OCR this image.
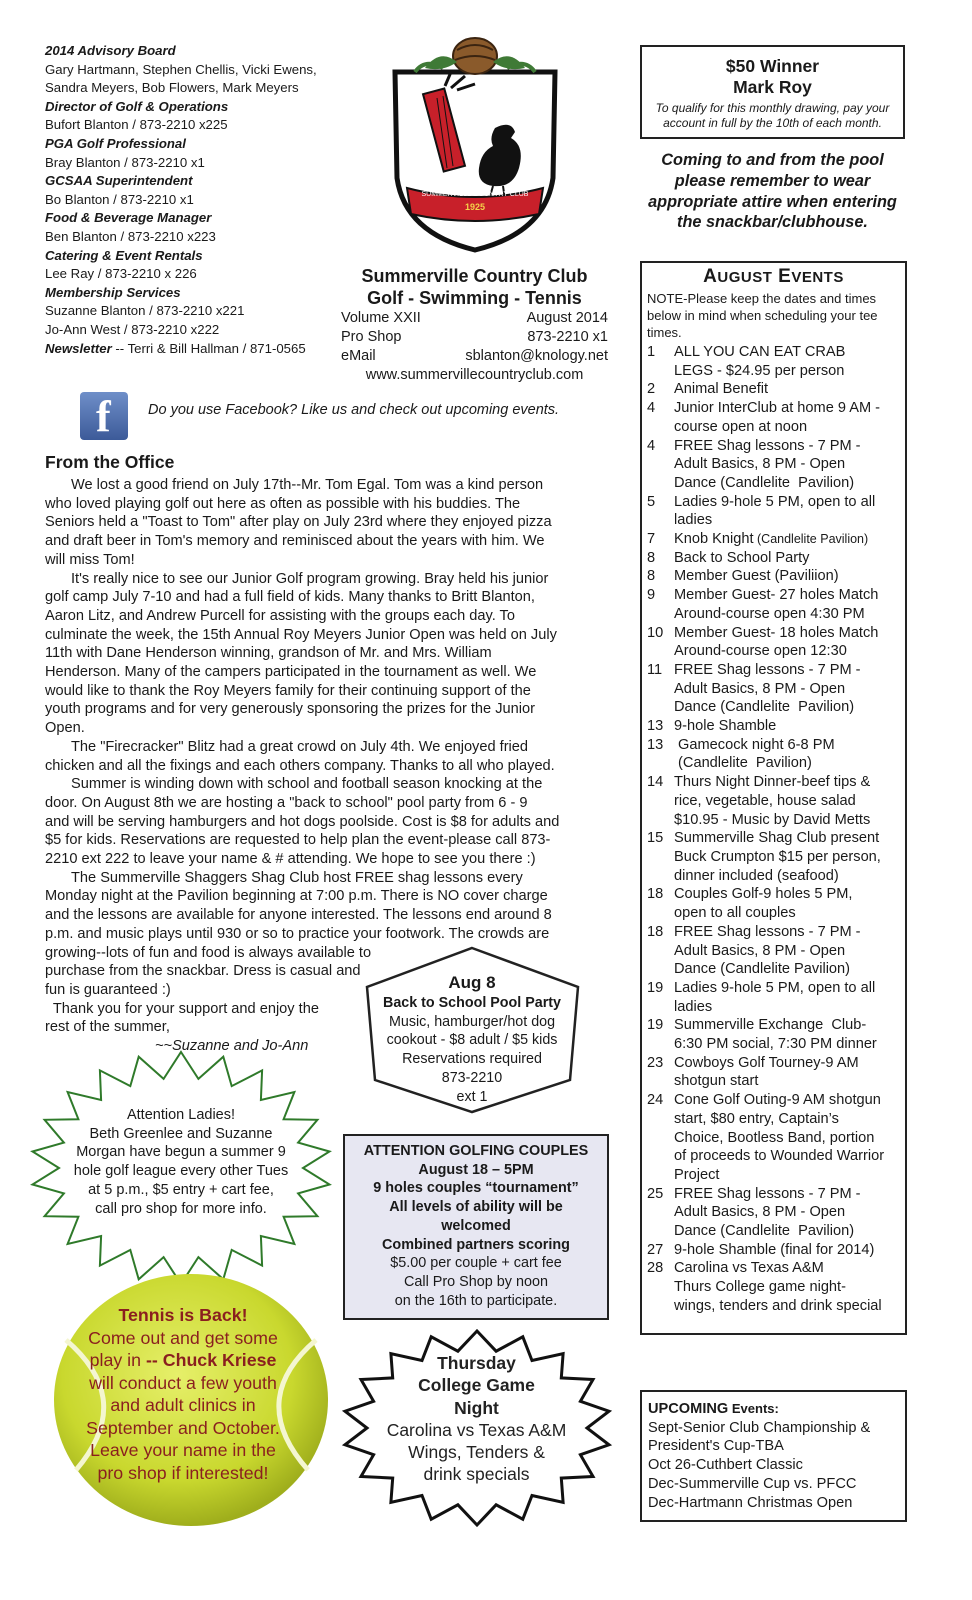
2014 Advisory Board
Gary Hartmann, Stephen Chellis, Vicki Ewens,
Sandra Meyers, Bob Flowers, Mark Meyers
Director of Golf & Operations
Bufort Blanton / 873-2210 x225
PGA Golf Professional
Bray Blanton / 873-2210 x1
GCSAA Superintendent
Bo Blanton / 873-2210 x1
Food & Beverage Manager
Ben Blanton / 873-2210 x223
Catering & Event Rentals
Lee Ray / 873-2210 x 226
Membership Services
Suzanne Blanton / 873-2210 x221
Jo-Ann West / 873-2210 x222
Newsletter -- Terri & Bill Hallman / 871-0565
SUMMERVILLE COUNTRY CLUB
1925
Summerville Country Club
Golf - Swimming - Tennis
Volume XXII	August 2014
Pro Shop	873-2210 x1
eMail	sblanton@knology.net
www.summervillecountryclub.com
f	Do you use Facebook? Like us and check out upcoming events.
From the Office
We lost a good friend on July 17th--Mr. Tom Egal. Tom was a kind person
who loved playing golf out here as often as possible with his buddies. The
Seniors held a "Toast to Tom" after play on July 23rd where they enjoyed pizza
and draft beer in Tom's memory and reminisced about the years with him. We
will miss Tom!
It's really nice to see our Junior Golf program growing. Bray held his junior
golf camp July 7-10 and had a full field of kids. Many thanks to Britt Blanton,
Aaron Litz, and Andrew Purcell for assisting with the groups each day. To
culminate the week, the 15th Annual Roy Meyers Junior Open was held on July
11th with Dane Henderson winning, grandson of Mr. and Mrs. William
Henderson. Many of the campers participated in the tournament as well. We
would like to thank the Roy Meyers family for their continuing support of the
youth programs and for very generously sponsoring the prizes for the Junior
Open.
The "Firecracker" Blitz had a great crowd on July 4th. We enjoyed fried
chicken and all the fixings and each others company. Thanks to all who played.
Summer is winding down with school and football season knocking at the
door. On August 8th we are hosting a "back to school" pool party from 6 - 9
and will be serving hamburgers and hot dogs poolside. Cost is $8 for adults and
$5 for kids. Reservations are requested to help plan the event-please call 873-
2210 ext 222 to leave your name & # attending. We hope to see you there :)
The Summerville Shaggers Shag Club host FREE shag lessons every
Monday night at the Pavilion beginning at 7:00 p.m. There is NO cover charge
and the lessons are available for anyone interested. The lessons end around 8
p.m. and music plays until 930 or so to practice your footwork. The crowds are
growing--lots of fun and food is always available to
purchase from the snackbar. Dress is casual and
fun is guaranteed :)
Thank you for your support and enjoy the
rest of the summer,
~~Suzanne and Jo-Ann
$50 Winner
Mark Roy
To qualify for this monthly drawing, pay your
account in full by the 10th of each month.
Coming to and from the pool
please remember to wear
appropriate attire when entering
the snackbar/clubhouse.
AUGUST EVENTS
NOTE-Please keep the dates and times
below in mind when scheduling your tee
times.
1	ALL YOU CAN EAT CRAB
LEGS - $24.95 per person
2	Animal Benefit
4	Junior InterClub at home 9 AM -
course open at noon
4	FREE Shag lessons - 7 PM -
Adult Basics, 8 PM - Open
Dance (Candlelite  Pavilion)
5	Ladies 9-hole 5 PM, open to all
ladies
7	Knob Knight (Candlelite Pavilion)
8	Back to School Party
8	Member Guest (Paviliion)
9	Member Guest- 27 holes Match
Around-course open 4:30 PM
10 Member Guest- 18 holes Match
Around-course open 12:30
11 FREE Shag lessons - 7 PM -
Adult Basics, 8 PM - Open
Dance (Candlelite  Pavilion)
13 9-hole Shamble
13 Gamecock night 6-8 PM
(Candlelite  Pavilion)
14 Thurs Night Dinner-beef tips &
rice, vegetable, house salad
$10.95 - Music by David Metts
15 Summerville Shag Club present
Buck Crumpton $15 per person,
dinner included (seafood)
18 Couples Golf-9 holes 5 PM,
open to all couples
18 FREE Shag lessons - 7 PM -
Adult Basics, 8 PM - Open
Dance (Candlelite Pavilion)
19 Ladies 9-hole 5 PM, open to all
ladies
19 Summerville Exchange  Club-
6:30 PM social, 7:30 PM dinner
23 Cowboys Golf Tourney-9 AM
shotgun start
24 Cone Golf Outing-9 AM shotgun
start, $80 entry, Captain’s
Choice, Bootless Band, portion
of proceeds to Wounded Warrior
Project
25 FREE Shag lessons - 7 PM -
Adult Basics, 8 PM - Open
Dance (Candlelite  Pavilion)
27 9-hole Shamble (final for 2014)
28 Carolina vs Texas A&M
Thurs College game night-
wings, tenders and drink special
UPCOMING Events:
Sept-Senior Club Championship &
President's Cup-TBA
Oct 26-Cuthbert Classic
Dec-Summerville Cup vs. PFCC
Dec-Hartmann Christmas Open
Aug 8
Back to School Pool Party
Music, hamburger/hot dog
cookout - $8 adult / $5 kids
Reservations required
873-2210
ext 1
ATTENTION GOLFING COUPLES
August 18 – 5PM
9 holes couples “tournament”
All levels of ability will be
welcomed
Combined partners scoring
$5.00 per couple + cart fee
Call Pro Shop by noon
on the 16th to participate.
Attention Ladies!
Beth Greenlee and Suzanne
Morgan have begun a summer 9
hole golf league every other Tues
at 5 p.m., $5 entry + cart fee,
call pro shop for more info.
Tennis is Back!
Come out and get some
play in -- Chuck Kriese
will conduct a few youth
and adult clinics in
September and October.
Leave your name in the
pro shop if interested!
Thursday
College Game
Night
Carolina vs Texas A&M
Wings, Tenders &
drink specials
